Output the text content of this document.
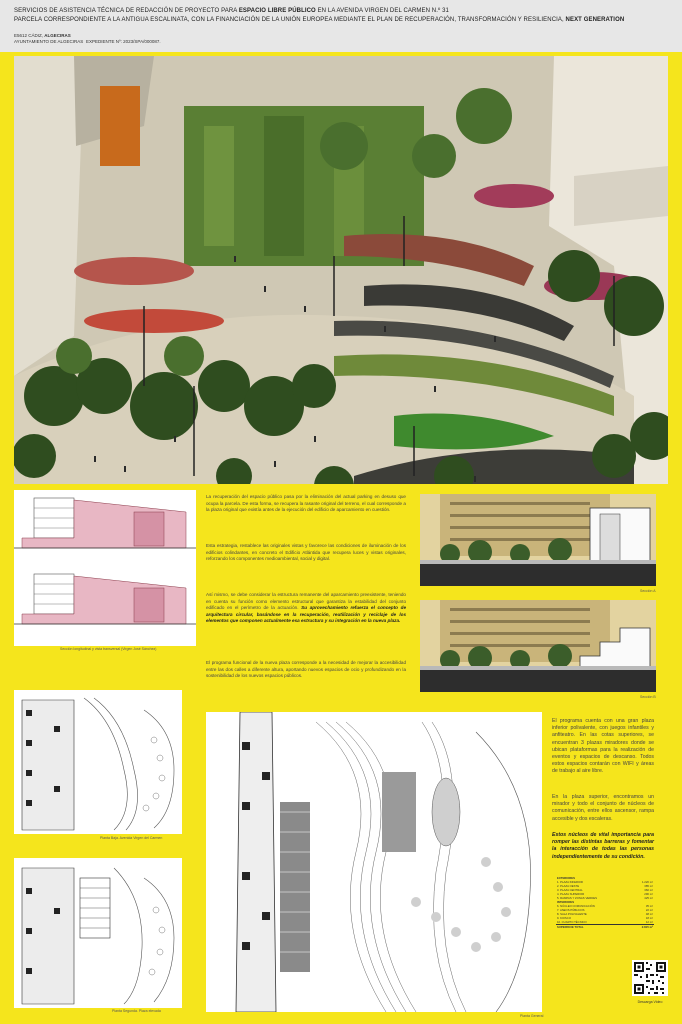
SERVICIOS DE ASISTENCIA TÉCNICA DE REDACCIÓN DE PROYECTO PARA ESPACIO LIBRE PÚBLICO EN LA AVENIDA VIRGEN DEL CARMEN N.º 31
PARCELA CORRESPONDIENTE A LA ANTIGUA ESCALINATA, CON LA FINANCIACIÓN DE LA UNIÓN EUROPEA MEDIANTE EL PLAN DE RECUPERACIÓN, TRANSFORMACIÓN Y RESILIENCIA, NEXT GENERATION
E5612 CÁDIZ, ALGECIRAS
AYUNTAMIENTO DE ALGECIRAS EXPEDIENTE Nº: 2023/SPA/000087.
Sección longitudinal y vista transversal (Virgen José Sánchez)
La recuperación del espacio público pasa por la eliminación del actual parking en desuso que ocupa la parcela. De esta forma, se recupera la rasante original del terreno, el cual corresponde a la plaza original que existía antes de la ejecución del edificio de aparcamiento en cuestión.
Esta estrategia, restablece las originales vistas y favorece las condiciones de iluminación de los edificios colindantes, en concreto el Edificio Atlántida que recupera luces y vistas originales, reforzando los componentes medioambiental, social y digital.
Así mismo, se debe considerar la estructura remanente del aparcamiento preexistente, teniendo en cuenta su función como elemento estructural que garantiza la estabilidad del conjunto edificado en el perímetro de la actuación. Su aprovechamiento refuerza el concepto de arquitectura circular, basándose en la recuperación, reutilización y reciclaje de los elementos que componen actualmente esa estructura y su integración en la nueva plaza.
El programa funcional de la nueva plaza corresponde a la necesidad de mejorar la accesibilidad entre las dos calles a diferente altura, aportando nuevos espacios de ocio y profundizando en la sostenibilidad de los nuevos espacios públicos.
Sección A
Sección B
Planta Baja. Avenida Virgen del Carmen
Planta Segunda. Plaza elevada
Planta General
El programa cuenta con una gran plaza inferior polivalente, con juegos infantiles y anfiteatro. En las cotas superiores, se encuentran 3 plazas miradores donde se ubican plataformas para la realización de eventos y espacios de descanso. Todos estos espacios contarán con WIFI y áreas de trabajo al aire libre.
En la plaza superior, encontramos un mirador y todo el conjunto de núcleos de comunicación, entre ellos ascensor, rampa accesible y dos escaleras.
Estos núcleos de vital importancia para romper las distintas barreras y fomentar la interacción de todas las personas independientemente de su condición.
EXTERIORES	
1. PLAZA INFERIOR	1.220 m²
2. PLAZA OESTE	385 m²
3. PLAZA CENTRAL	360 m²
4. PLAZA SUPERIOR	290 m²
5. RAMPAS Y ZONAS VERDES	425 m²
INTERIORES	
6. NÚCLEO COMUNICACIÓN	35 m²
7. ASEOS PÚBLICOS	22 m²
8. SALA POLIVALENTE	48 m²
9. KIOSCO	18 m²
10. CUARTO TÉCNICO	12 m²
SUPERFICIE TOTAL	2.815 m²
Descarga Video
